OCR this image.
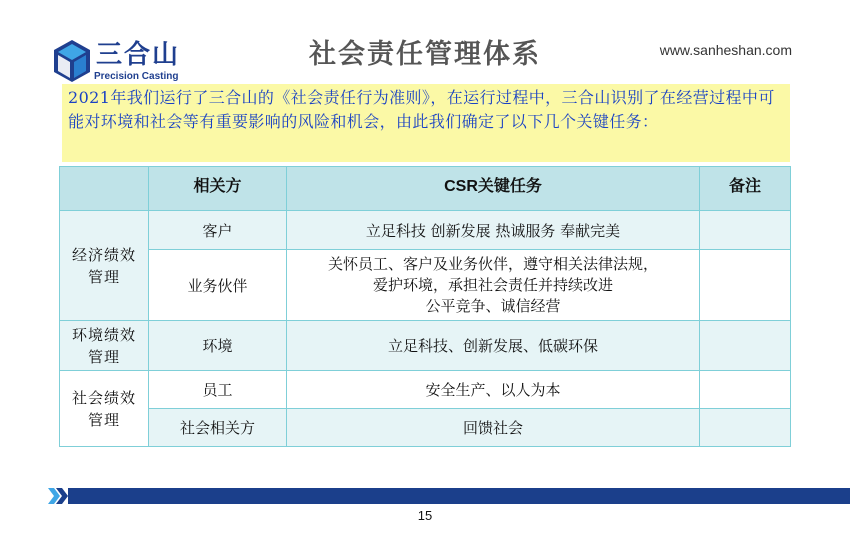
三合山
Precision Casting
社会责任管理体系	www.sanheshan.com
2021年我们运行了三合山的《社会责任行为准则》，在运行过程中，三合山识别了在经营过程中可能对环境和社会等有重要影响的风险和机会，由此我们确定了以下几个关键任务：
	相关方	CSR关键任务	备注

经济绩效
管理	客户	立足科技 创新发展 热诚服务 奉献完美	
	业务伙伴	关怀员工、客户及业务伙伴，遵守相关法律法规，
爱护环境，承担社会责任并持续改进
公平竞争、诚信经营	

环境绩效
管理	环境	立足科技、创新发展、低碳环保	

社会绩效
管理	员工	安全生产、以人为本	
	社会相关方	回馈社会	
15
